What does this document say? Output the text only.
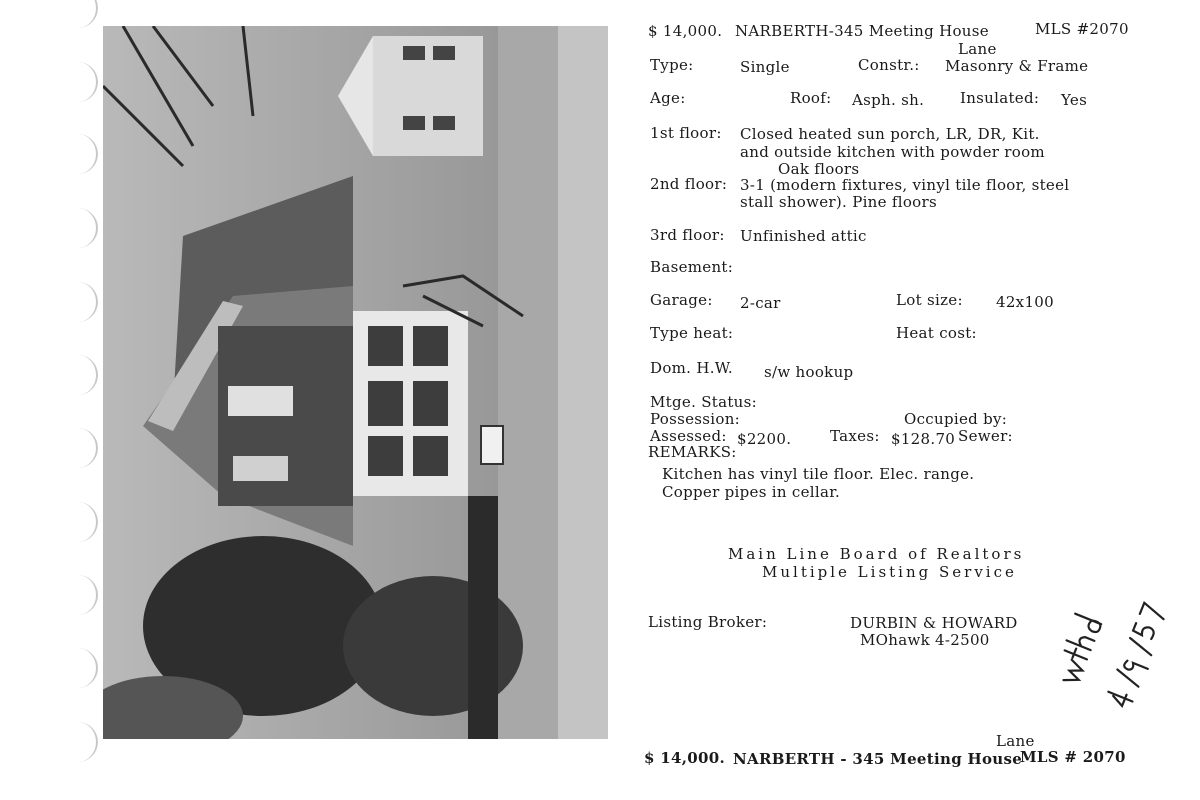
$ 14,000. NARBERTH-345 Meeting House
Lane
MLS #2070
Type:	Single	Constr.: Masonry & Frame
Age:	Roof: Asph. sh. Insulated: Yes
1st floor: Closed heated sun porch, LR, DR, Kit.
and outside kitchen with powder room
Oak floors
2nd floor: 3-1 (modern fixtures, vinyl tile floor, steel
stall shower). Pine floors
3rd floor: Unfinished attic
Basement:
Garage: 2-car	Lot size: 42x100
Type heat:	Heat cost:
Dom. H.W. s/w hookup
Mtge. Status:
Possession:	Occupied by:
Assessed: $2200.	Taxes: $128.70 Sewer:
REMARKS:
Kitchen has vinyl tile floor. Elec. range.
Copper pipes in cellar.
Main Line Board of Realtors
Multiple Listing Service
Listing Broker:	DURBIN & HOWARD
MOhawk 4-2500
$ 14,000. NARBERTH - 345 Meeting House
Lane
MLS # 2070
